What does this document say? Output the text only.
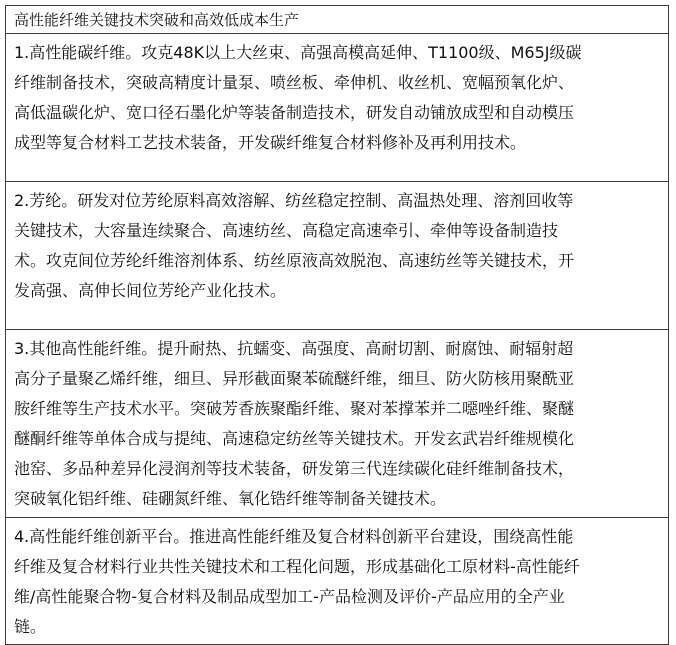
高性能纤维关键技术突破和高效低成本生产
1.高性能碳纤维。攻克48K以上大丝束、高强高模高延伸、T1100级、M65J级碳
纤维制备技术，突破高精度计量泵、喷丝板、牵伸机、收丝机、宽幅预氧化炉、
高低温碳化炉、宽口径石墨化炉等装备制造技术，研发自动铺放成型和自动模压
成型等复合材料工艺技术装备，开发碳纤维复合材料修补及再利用技术。
2.芳纶。研发对位芳纶原料高效溶解、纺丝稳定控制、高温热处理、溶剂回收等
关键技术，大容量连续聚合、高速纺丝、高稳定高速牵引、牵伸等设备制造技
术。攻克间位芳纶纤维溶剂体系、纺丝原液高效脱泡、高速纺丝等关键技术，开
发高强、高伸长间位芳纶产业化技术。
3.其他高性能纤维。提升耐热、抗蠕变、高强度、高耐切割、耐腐蚀、耐辐射超
高分子量聚乙烯纤维，细旦、异形截面聚苯硫醚纤维，细旦、防火防核用聚酰亚
胺纤维等生产技术水平。突破芳香族聚酯纤维、聚对苯撑苯并二噁唑纤维、聚醚
醚酮纤维等单体合成与提纯、高速稳定纺丝等关键技术。开发玄武岩纤维规模化
池窑、多品种差异化浸润剂等技术装备，研发第三代连续碳化硅纤维制备技术，
突破氧化铝纤维、硅硼氮纤维、氧化锆纤维等制备关键技术。
4.高性能纤维创新平台。推进高性能纤维及复合材料创新平台建设，围绕高性能
纤维及复合材料行业共性关键技术和工程化问题，形成基础化工原材料-高性能纤
维/高性能聚合物-复合材料及制品成型加工-产品检测及评价-产品应用的全产业
链。
